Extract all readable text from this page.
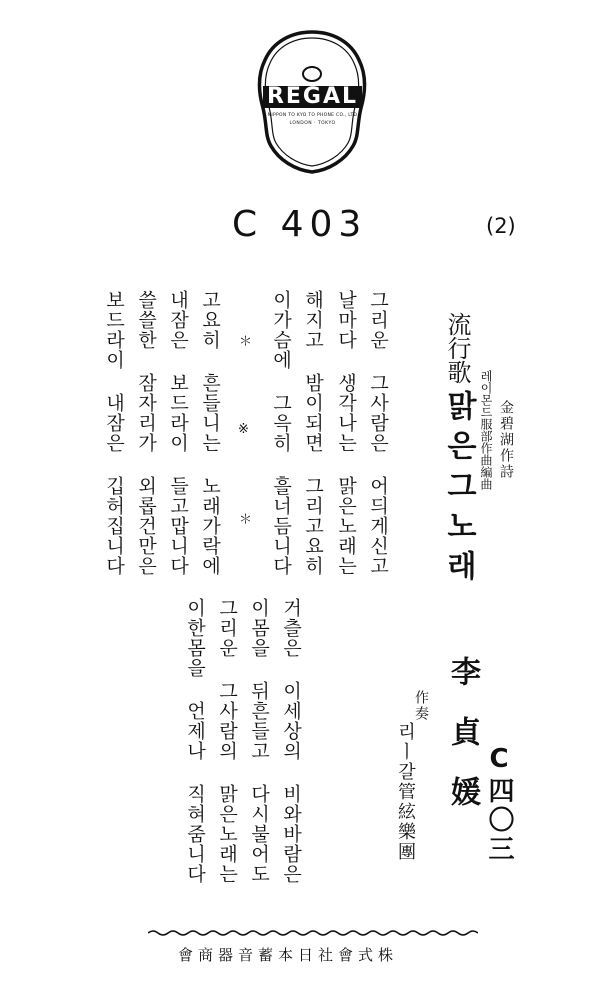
REGAL
NIPPON TO KYO TO PHONE CO., LTD
LONDON · TOKYO
C 403	(2)
C四〇三
流行歌
金碧湖作詩
레이몬드服部作曲編曲
맑은그노래
李貞媛
作奏
리ㅣ갈管絃樂團
그리운 그사람은 어듸게신고
날마다 생각나는 맑은노래는
해지고 밤이되면 그리고요히
이가슴에 그윽히 흘너듬니다
＊ ※ ＊
고요히 흔들니는 노래가락에
내잠은 보드라이 들고맙니다
쓸쓸한 잠자리가 외롭건만은
보드라이 내잠은 깁허집니다
거츨은 이세상의 비와바람은
이몸을 뒤흔들고 다시불어도
그리운 그사람의 맑은노래는
이한몸을 언제나 직혀줌니다
株式會社日本蓄音器商會
